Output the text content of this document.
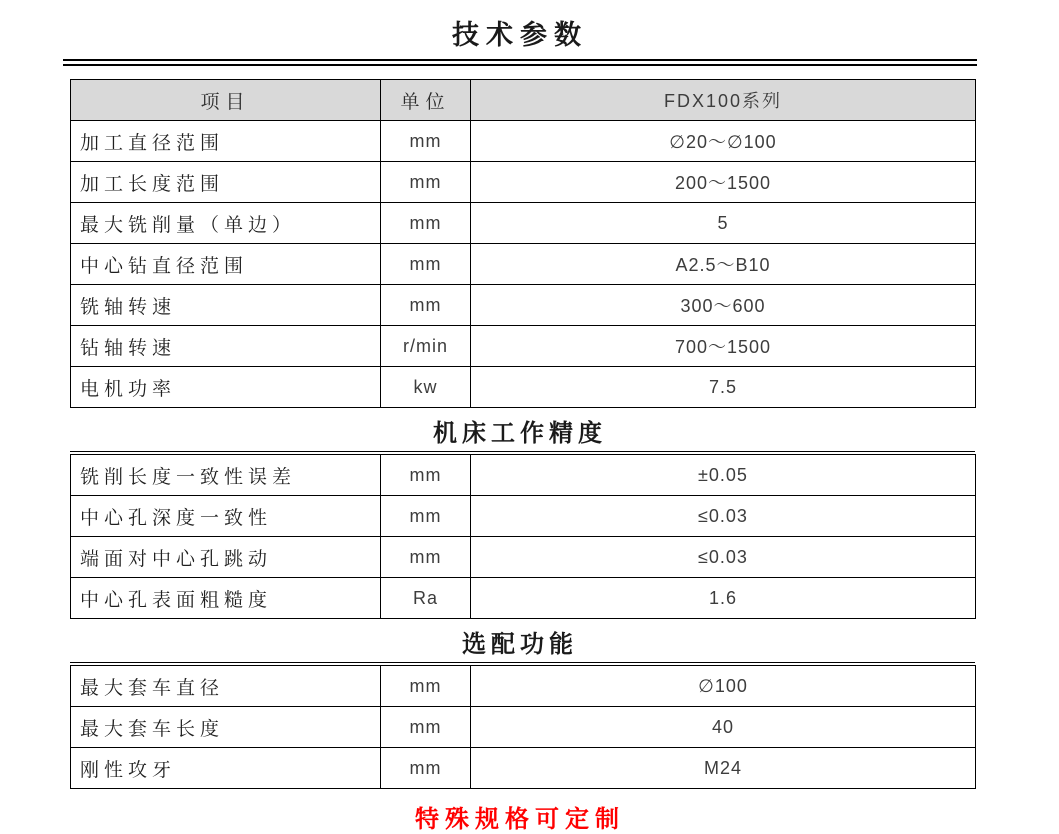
技术参数
项目	单位	FDX100系列
加工直径范围	mm	∅20～∅100
加工长度范围	mm	200～1500
最大铣削量（单边）	mm	5
中心钻直径范围	mm	A2.5～B10
铣轴转速	mm	300～600
钻轴转速	r/min	700～1500
电机功率	kw	7.5
机床工作精度
铣削长度一致性误差	mm	±0.05
中心孔深度一致性	mm	≤0.03
端面对中心孔跳动	mm	≤0.03
中心孔表面粗糙度	Ra	1.6
选配功能
最大套车直径	mm	∅100
最大套车长度	mm	40
刚性攻牙	mm	M24
特殊规格可定制
